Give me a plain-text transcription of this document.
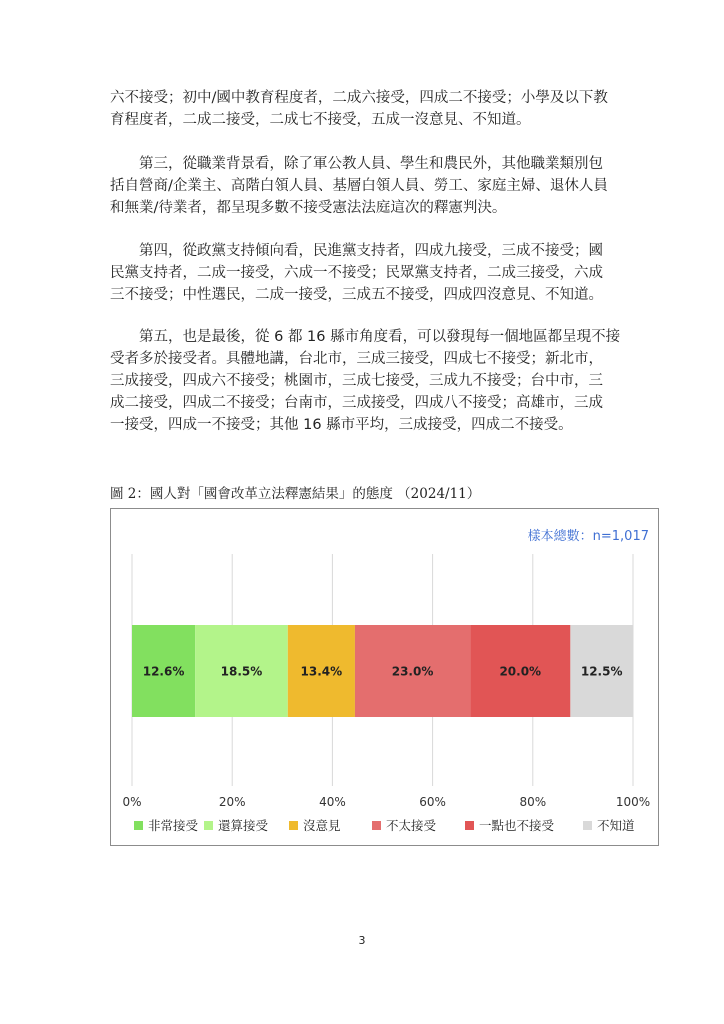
六不接受；初中/國中教育程度者，二成六接受，四成二不接受；小學及以下教

育程度者，二成二接受，二成七不接受，五成一沒意見、不知道。

　　第三，從職業背景看，除了軍公教人員、學生和農民外，其他職業類別包

括自營商/企業主、高階白領人員、基層白領人員、勞工、家庭主婦、退休人員

和無業/待業者，都呈現多數不接受憲法法庭這次的釋憲判決。

　　第四，從政黨支持傾向看，民進黨支持者，四成九接受，三成不接受；國

民黨支持者，二成一接受，六成一不接受；民眾黨支持者，二成三接受，六成

三不接受；中性選民，二成一接受，三成五不接受，四成四沒意見、不知道。

　　第五，也是最後，從 6 都 16 縣市角度看，可以發現每一個地區都呈現不接

受者多於接受者。具體地講，台北市，三成三接受，四成七不接受；新北市，

三成接受，四成六不接受；桃園市，三成七接受，三成九不接受；台中市，三

成二接受，四成二不接受；台南市，三成接受，四成八不接受；高雄市，三成

一接受，四成一不接受；其他 16 縣市平均，三成接受，四成二不接受。

圖 2：國人對「國會改革立法釋憲結果」的態度 （2024/11）
12.6%	18.5%	13.4%	23.0%	20.0%	12.5%
0%	20%	40%	60%	80%	100%
非常接受 還算接受	沒意見	不太接受	一點也不接受	不知道
樣本總數：n=1,017
3
